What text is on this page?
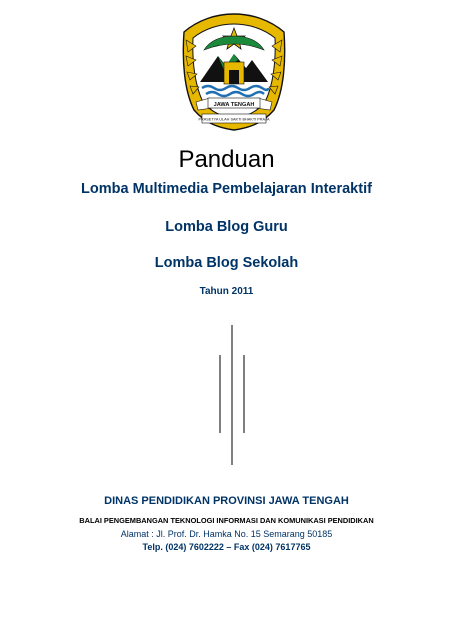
JAWA TENGAH
PRASETYA ULAH SAKTI BHAKTI PRAJA
Panduan
Lomba Multimedia Pembelajaran Interaktif
Lomba Blog Guru
Lomba Blog Sekolah
Tahun 2011
DINAS PENDIDIKAN PROVINSI JAWA TENGAH
BALAI PENGEMBANGAN TEKNOLOGI INFORMASI DAN KOMUNIKASI PENDIDIKAN
Alamat : Jl. Prof. Dr. Hamka No. 15 Semarang 50185
Telp. (024) 7602222 – Fax (024) 7617765
